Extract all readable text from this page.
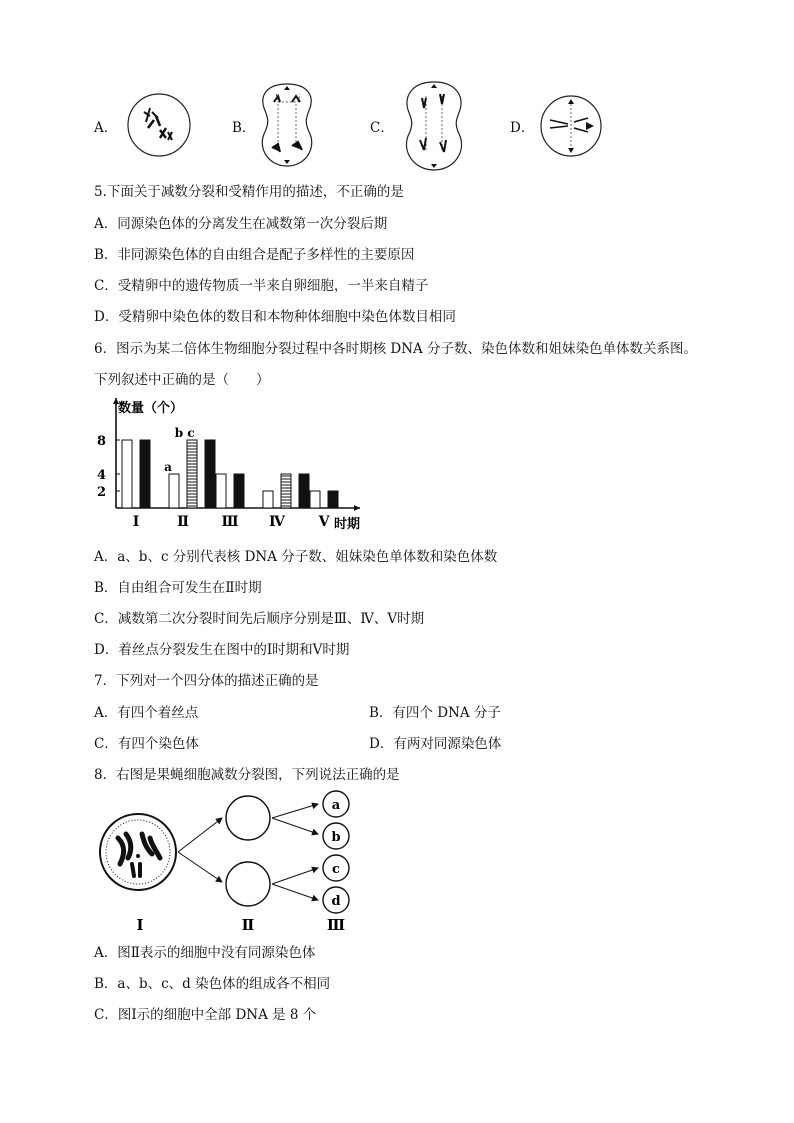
A．	B．	C．	D．
5.下面关于减数分裂和受精作用的描述，不正确的是
A．同源染色体的分离发生在减数第一次分裂后期
B．非同源染色体的自由组合是配子多样性的主要原因
C．受精卵中的遗传物质一半来自卵细胞，一半来自精子
D．受精卵中染色体的数目和本物种体细胞中染色体数目相同
6．图示为某二倍体生物细胞分裂过程中各时期核 DNA 分子数、染色体数和姐妹染色单体数关系图。
下列叙述中正确的是（　　）
数量（个）
2
4
8
Ⅰ	Ⅱ Ⅲ Ⅳ Ⅴ
a
b c
时期
A．a、b、c 分别代表核 DNA 分子数、姐妹染色单体数和染色体数
B．自由组合可发生在Ⅱ时期
C．减数第二次分裂时间先后顺序分别是Ⅲ、Ⅳ、Ⅴ时期
D．着丝点分裂发生在图中的Ⅰ时期和Ⅴ时期
7．下列对一个四分体的描述正确的是
A．有四个着丝点	B．有四个 DNA 分子
C．有四个染色体	D．有两对同源染色体
8．右图是果蝇细胞减数分裂图，下列说法正确的是
a
b
c
d
Ⅰ	Ⅱ	Ⅲ
A．图Ⅱ表示的细胞中没有同源染色体
B．a、b、c、d 染色体的组成各不相同
C．图Ⅰ示的细胞中全部 DNA 是 8 个
